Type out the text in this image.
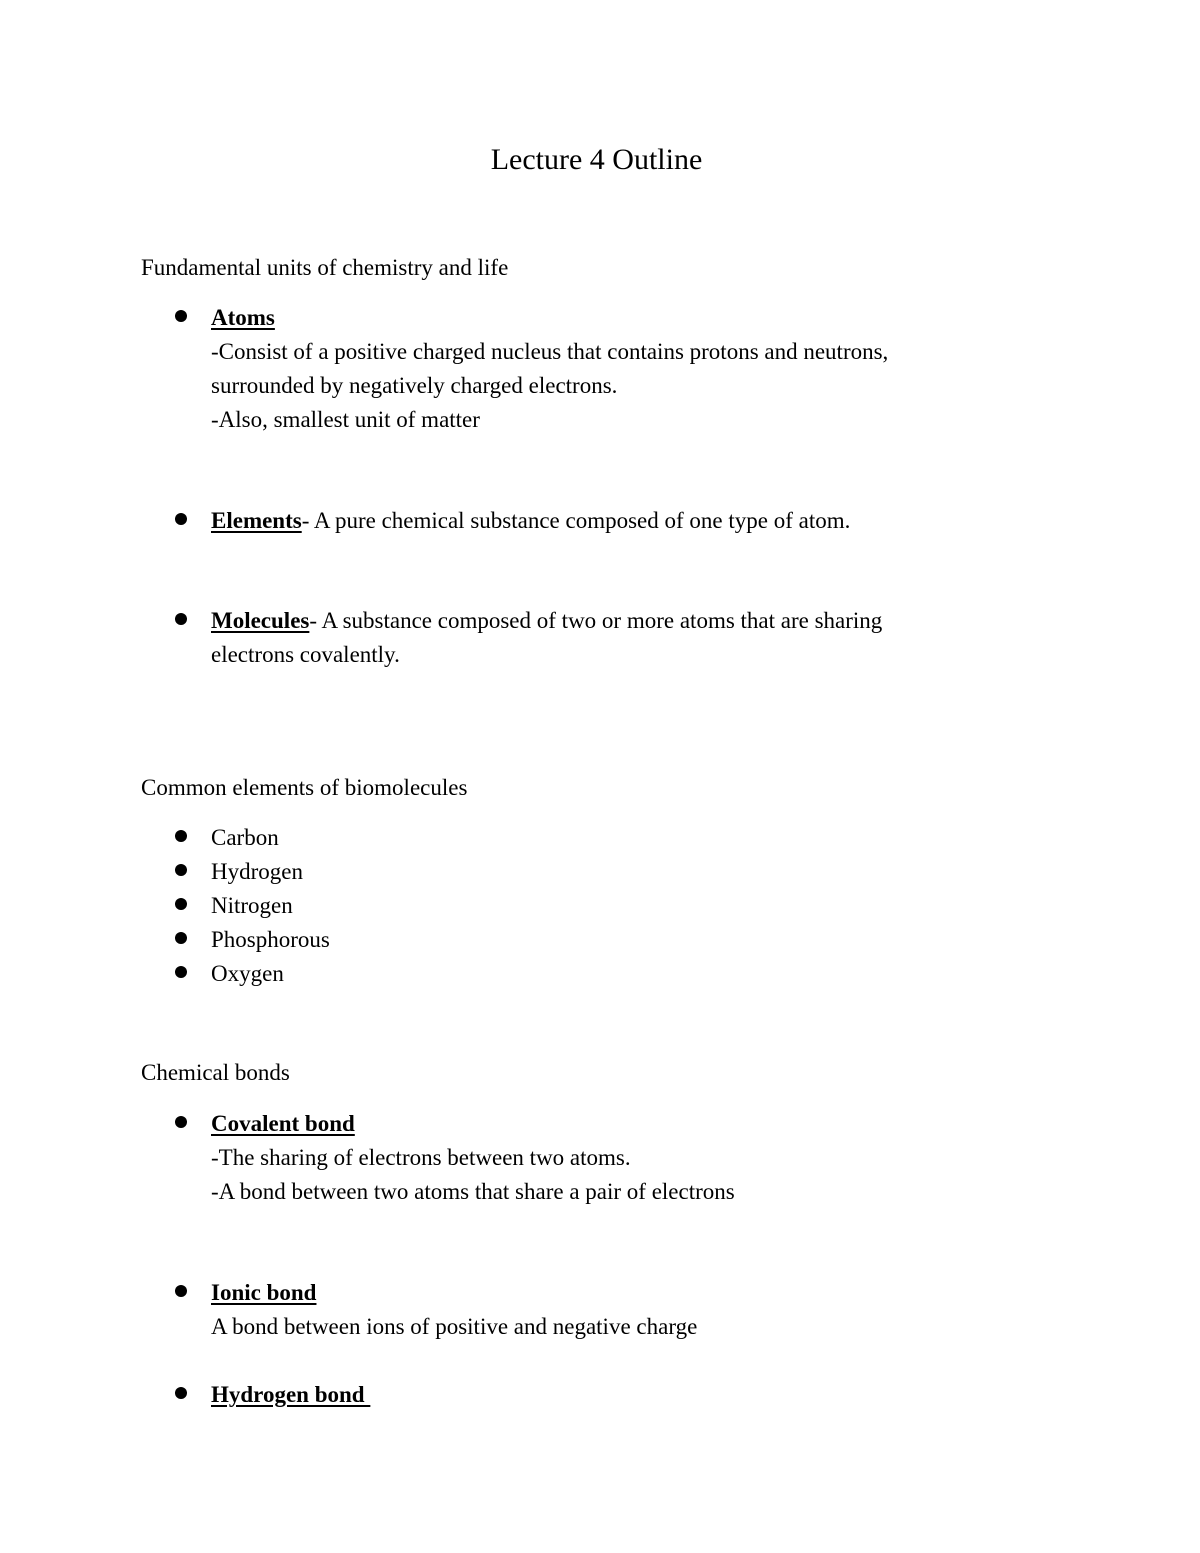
Lecture 4 Outline
Fundamental units of chemistry and life
Atoms
-Consist of a positive charged nucleus that contains protons and neutrons,
surrounded by negatively charged electrons.
-Also, smallest unit of matter
Elements- A pure chemical substance composed of one type of atom.
Molecules- A substance composed of two or more atoms that are sharing
electrons covalently.
Common elements of biomolecules
Carbon
Hydrogen
Nitrogen
Phosphorous
Oxygen
Chemical bonds
Covalent bond
-The sharing of electrons between two atoms.
-A bond between two atoms that share a pair of electrons
Ionic bond
A bond between ions of positive and negative charge
Hydrogen bond
